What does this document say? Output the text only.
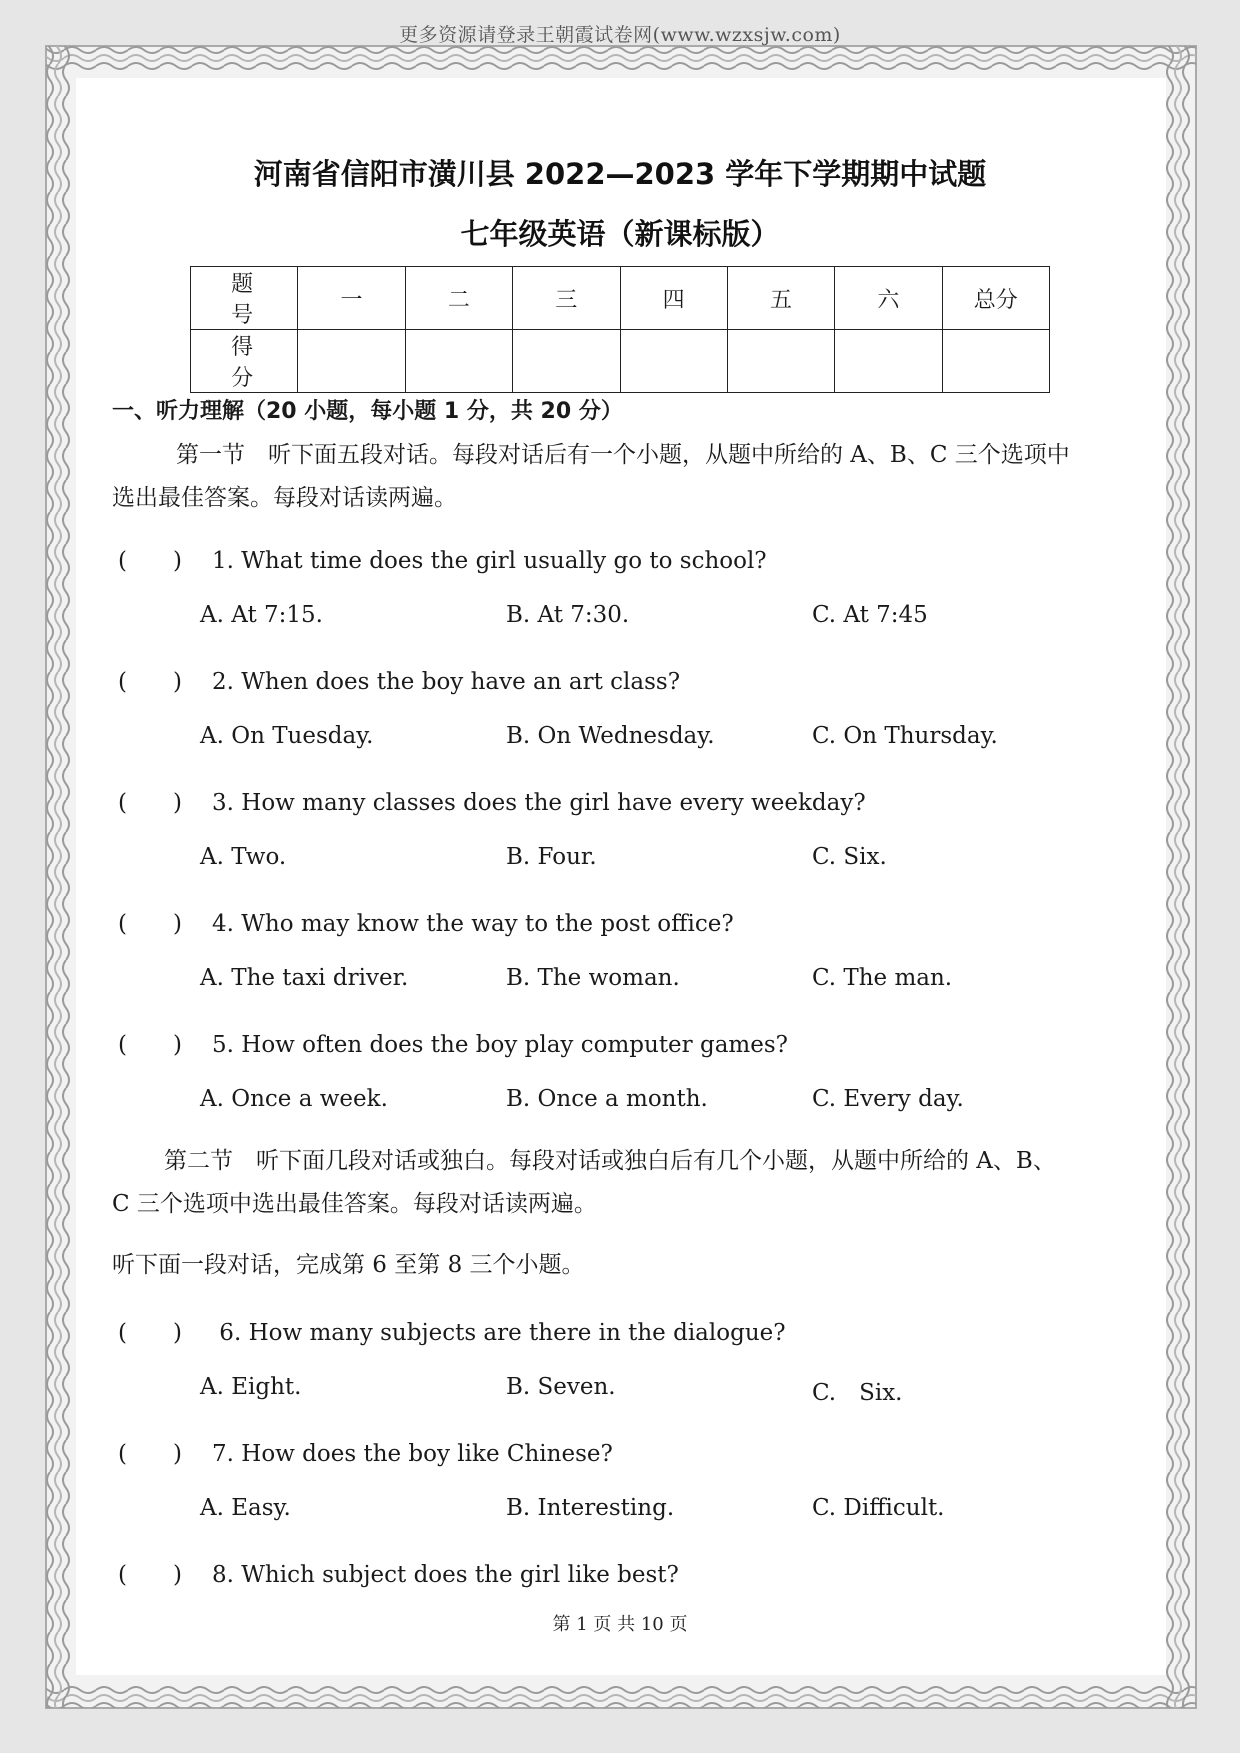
更多资源请登录王朝霞试卷网(www.wzxsjw.com)
河南省信阳市潢川县 2022—2023 学年下学期期中试题
七年级英语（新课标版）
题 号	一	二	三	四	五	六	总分
得 分							
一、听力理解（20 小题，每小题 1 分，共 20 分）
第一节　听下面五段对话。每段对话后有一个小题，从题中所给的 A、B、C 三个选项中
选出最佳答案。每段对话读两遍。
(　　) 1. What time does the girl usually go to school?
A. At 7:15.	B. At 7:30.	C. At 7:45
(　　) 2. When does the boy have an art class?
A. On Tuesday.	B. On Wednesday.	C. On Thursday.
(　　) 3. How many classes does the girl have every weekday?
A. Two.	B. Four.	C. Six.
(　　) 4. Who may know the way to the post office?
A. The taxi driver.	B. The woman.	C. The man.
(　　) 5. How often does the boy play computer games?
A. Once a week.	B. Once a month.	C. Every day.
第二节　听下面几段对话或独白。每段对话或独白后有几个小题，从题中所给的 A、B、
C 三个选项中选出最佳答案。每段对话读两遍。
听下面一段对话，完成第 6 至第 8 三个小题。
(　　) 6. How many subjects are there in the dialogue?
A. Eight.	B. Seven.	C.　Six.
(　　) 7. How does the boy like Chinese?
A. Easy.	B. Interesting.	C. Difficult.
(　　) 8. Which subject does the girl like best?
第 1 页 共 10 页
